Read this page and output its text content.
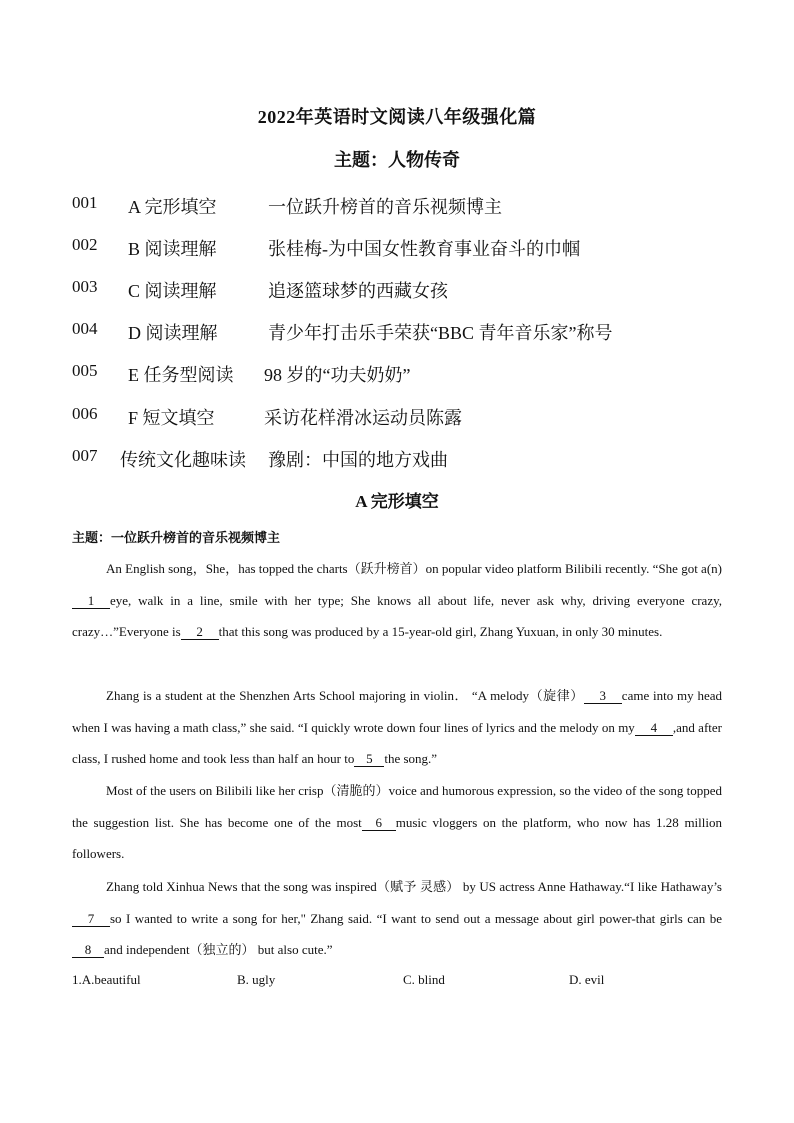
2022年英语时文阅读八年级强化篇
主题：人物传奇
001 A 完形填空	一位跃升榜首的音乐视频博主
002 B 阅读理解	张桂梅-为中国女性教育事业奋斗的巾帼
003 C 阅读理解	追逐篮球梦的西藏女孩
004 D 阅读理解	青少年打击乐手荣获“BBC 青年音乐家”称号
005 E 任务型阅读 98 岁的“功夫奶奶”
006 F 短文填空	采访花样滑冰运动员陈露
007 传统文化趣味读 豫剧：中国的地方戏曲
A 完形填空
主题：一位跃升榜首的音乐视频博主
An English song，She，has topped the charts（跃升榜首）on popular video platform Bilibili recently. “She got a(n)1 eye, walk in a line, smile with her type; She knows all about life, never ask why, driving everyone crazy, crazy…”Everyone is 2 that this song was produced by a 15-year-old girl, Zhang Yuxuan, in only 30 minutes.
Zhang is a student at the Shenzhen Arts School majoring in violin． “A melody（旋律） 3 came into my head when I was having a math class,” she said. “I quickly wrote down four lines of lyrics and the melody on my 4 ,and after class, I rushed home and took less than half an hour to 5 the song.”
Most of the users on Bilibili like her crisp（清脆的）voice and humorous expression, so the video of the song topped the suggestion list. She has become one of the most 6 music vloggers on the platform, who now has 1.28 million followers.
Zhang told Xinhua News that the song was inspired（赋予 灵感） by US actress Anne Hathaway.“I like Hathaway’s7 so I wanted to write a song for her," Zhang said. “I want to send out a message about girl power-that girls can be8 and independent（独立的） but also cute.”
1.A.beautiful	B. ugly	C. blind	D. evil
